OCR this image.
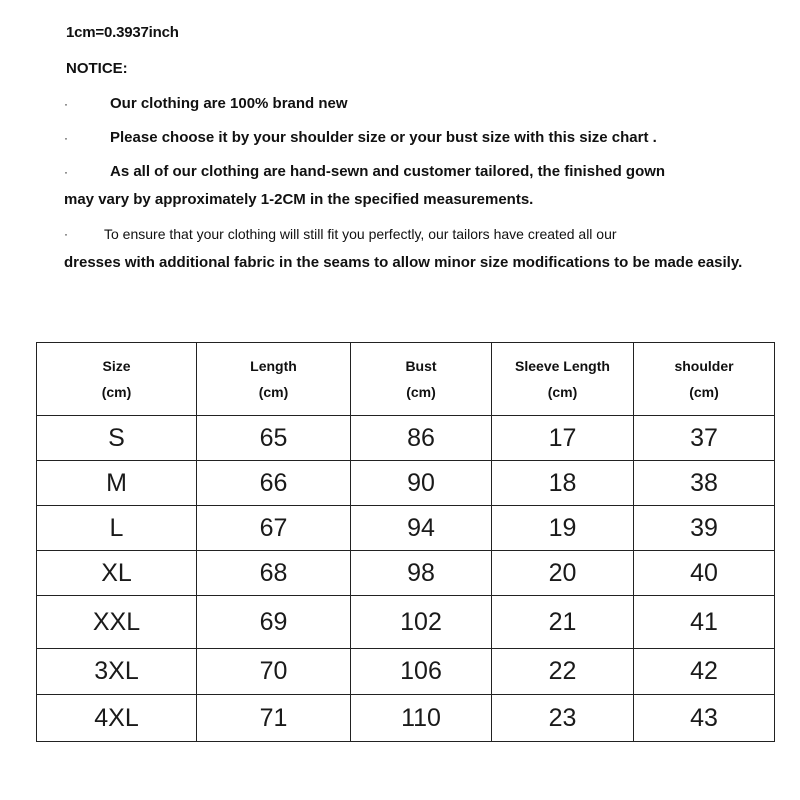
1cm=0.3937inch
NOTICE:
·	Our clothing are 100% brand new
·	Please choose it by your shoulder size or your bust size with this size chart .
·	As all of our clothing are hand-sewn and customer tailored, the finished gown
may vary by approximately 1-2CM in the specified measurements.
·	To ensure that your clothing will still fit you perfectly, our tailors have created all our
dresses with additional fabric in the seams to allow minor size modifications to be made easily.
Size
(cm)	Length
(cm)	Bust
(cm)	Sleeve Length
(cm)	shoulder
(cm)

S	65	86	17	37
M	66	90	18	38
L	67	94	19	39
XL	68	98	20	40
XXL	69	102	21	41
3XL	70	106	22	42
4XL	71	110	23	43
